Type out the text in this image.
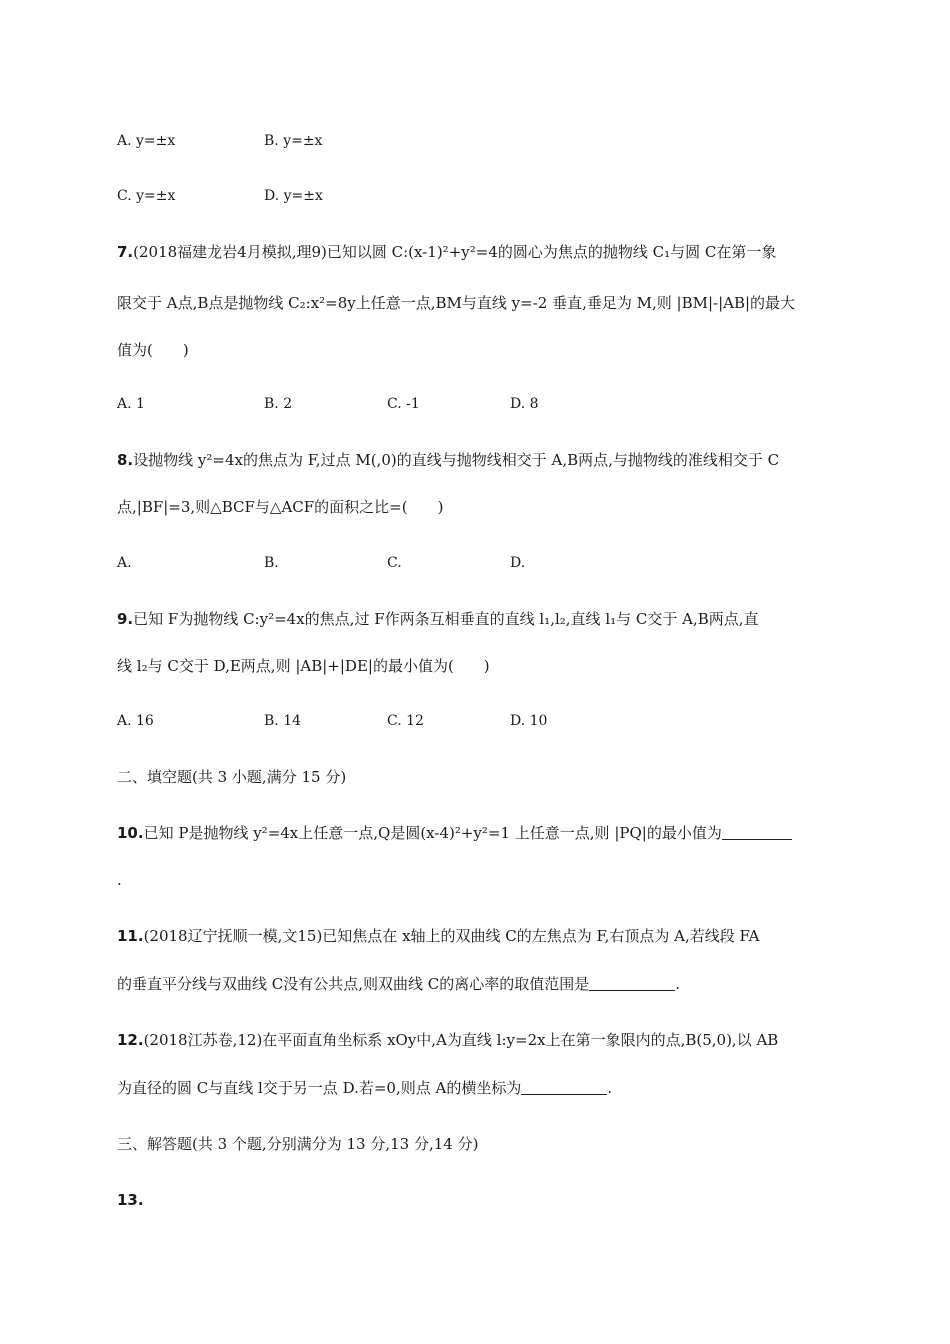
A. y=±x	B. y=±x
C. y=±x	D. y=±x
7.(2018福建龙岩4月模拟,理9)已知以圆 C:(x-1)²+y²=4的圆心为焦点的抛物线 C₁与圆 C在第一象
限交于 A点,B点是抛物线 C₂:x²=8y上任意一点,BM与直线 y=-2 垂直,垂足为 M,则 |BM|-|AB|的最大
值为(　　)
A. 1	B. 2	C. -1	D. 8
8.设抛物线 y²=4x的焦点为 F,过点 M(,0)的直线与抛物线相交于 A,B两点,与抛物线的准线相交于 C
点,|BF|=3,则△BCF与△ACF的面积之比=(　　)
A.	B.	C.	D.
9.已知 F为抛物线 C:y²=4x的焦点,过 F作两条互相垂直的直线 l₁,l₂,直线 l₁与 C交于 A,B两点,直
线 l₂与 C交于 D,E两点,则 |AB|+|DE|的最小值为(　　)
A. 16	B. 14	C. 12	D. 10
二、填空题(共 3 小题,满分 15 分)
10.已知 P是抛物线 y²=4x上任意一点,Q是圆(x-4)²+y²=1 上任意一点,则 |PQ|的最小值为
.
11.(2018辽宁抚顺一模,文15)已知焦点在 x轴上的双曲线 C的左焦点为 F,右顶点为 A,若线段 FA
的垂直平分线与双曲线 C没有公共点,则双曲线 C的离心率的取值范围是	.
12.(2018江苏卷,12)在平面直角坐标系 xOy中,A为直线 l:y=2x上在第一象限内的点,B(5,0),以 AB
为直径的圆 C与直线 l交于另一点 D.若=0,则点 A的横坐标为	.
三、解答题(共 3 个题,分别满分为 13 分,13 分,14 分)
13.
